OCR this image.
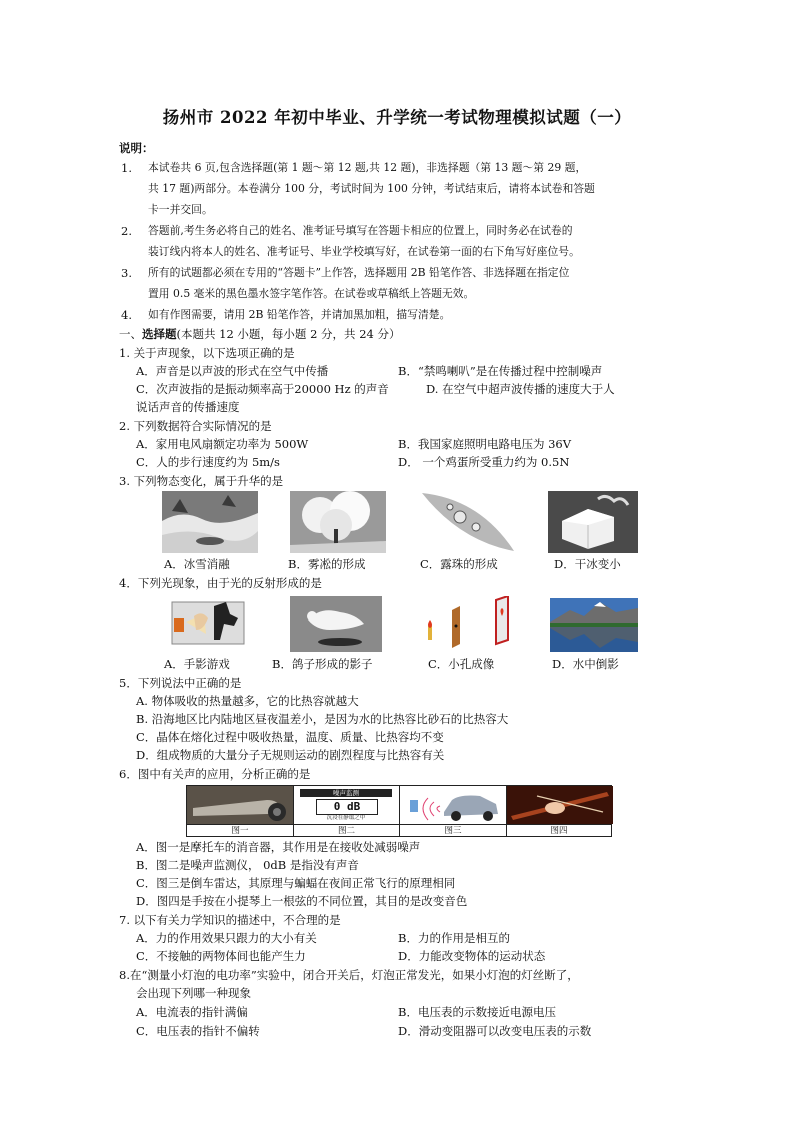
扬州市 2022 年初中毕业、升学统一考试物理模拟试题（一）
说明：
1. 本试卷共 6 页,包含选择题(第 1 题～第 12 题,共 12 题)，非选择题（第 13 题～第 29 题，
共 17 题)两部分。本卷满分 100 分，考试时间为 100 分钟，考试结束后，请将本试卷和答题
卡一并交回。
2. 答题前,考生务必将自己的姓名、准考证号填写在答题卡相应的位置上，同时务必在试卷的
装订线内将本人的姓名、准考证号、毕业学校填写好，在试卷第一面的右下角写好座位号。
3. 所有的试题都必须在专用的“答题卡”上作答，选择题用 2B 铅笔作答、非选择题在指定位
置用 0.5 毫米的黑色墨水签字笔作答。在试卷或草稿纸上答题无效。
4. 如有作图需要，请用 2B 铅笔作答，并请加黑加粗，描写清楚。
一、选择题(本题共 12 小题，每小题 2 分，共 24 分）
1. 关于声现象，以下选项正确的是
A．声音是以声波的形式在空气中传播	B．“禁鸣喇叭”是在传播过程中控制噪声
C．次声波指的是振动频率高于20000 Hz 的声音	D. 在空气中超声波传播的速度大于人
说话声音的传播速度
2. 下列数据符合实际情况的是
A．家用电风扇额定功率为 500W	B．我国家庭照明电路电压为 36V
C．人的步行速度约为 5m/s	D． 一个鸡蛋所受重力约为 0.5N
3. 下列物态变化，属于升华的是
A．冰雪消融	B．雾凇的形成	C．露珠的形成	D．干冰变小
4．下列光现象，由于光的反射形成的是
A．手影游戏	B．鸽子形成的影子	C．小孔成像	D．水中倒影
5．下列说法中正确的是
A. 物体吸收的热量越多，它的比热容就越大
B. 沿海地区比内陆地区昼夜温差小，是因为水的比热容比砂石的比热容大
C．晶体在熔化过程中吸收热量，温度、质量、比热容均不变
D．组成物质的大量分子无规则运动的剧烈程度与比热容有关
6．图中有关声的应用，分析正确的是
噪声监测
0 dB
沉浸在静谧之中
图一	图二	图三	图四
A．图一是摩托车的消音器，其作用是在接收处减弱噪声
B．图二是噪声监测仪， 0dB 是指没有声音
C．图三是倒车雷达，其原理与蝙蝠在夜间正常飞行的原理相同
D．图四是手按在小提琴上一根弦的不同位置，其目的是改变音色
7. 以下有关力学知识的描述中，不合理的是
A．力的作用效果只跟力的大小有关	B．力的作用是相互的
C．不接触的两物体间也能产生力	D．力能改变物体的运动状态
8.在“测量小灯泡的电功率”实验中，闭合开关后，灯泡正常发光，如果小灯泡的灯丝断了，
会出现下列哪一种现象
A．电流表的指针满偏	B．电压表的示数接近电源电压
C．电压表的指针不偏转	D．滑动变阻器可以改变电压表的示数
